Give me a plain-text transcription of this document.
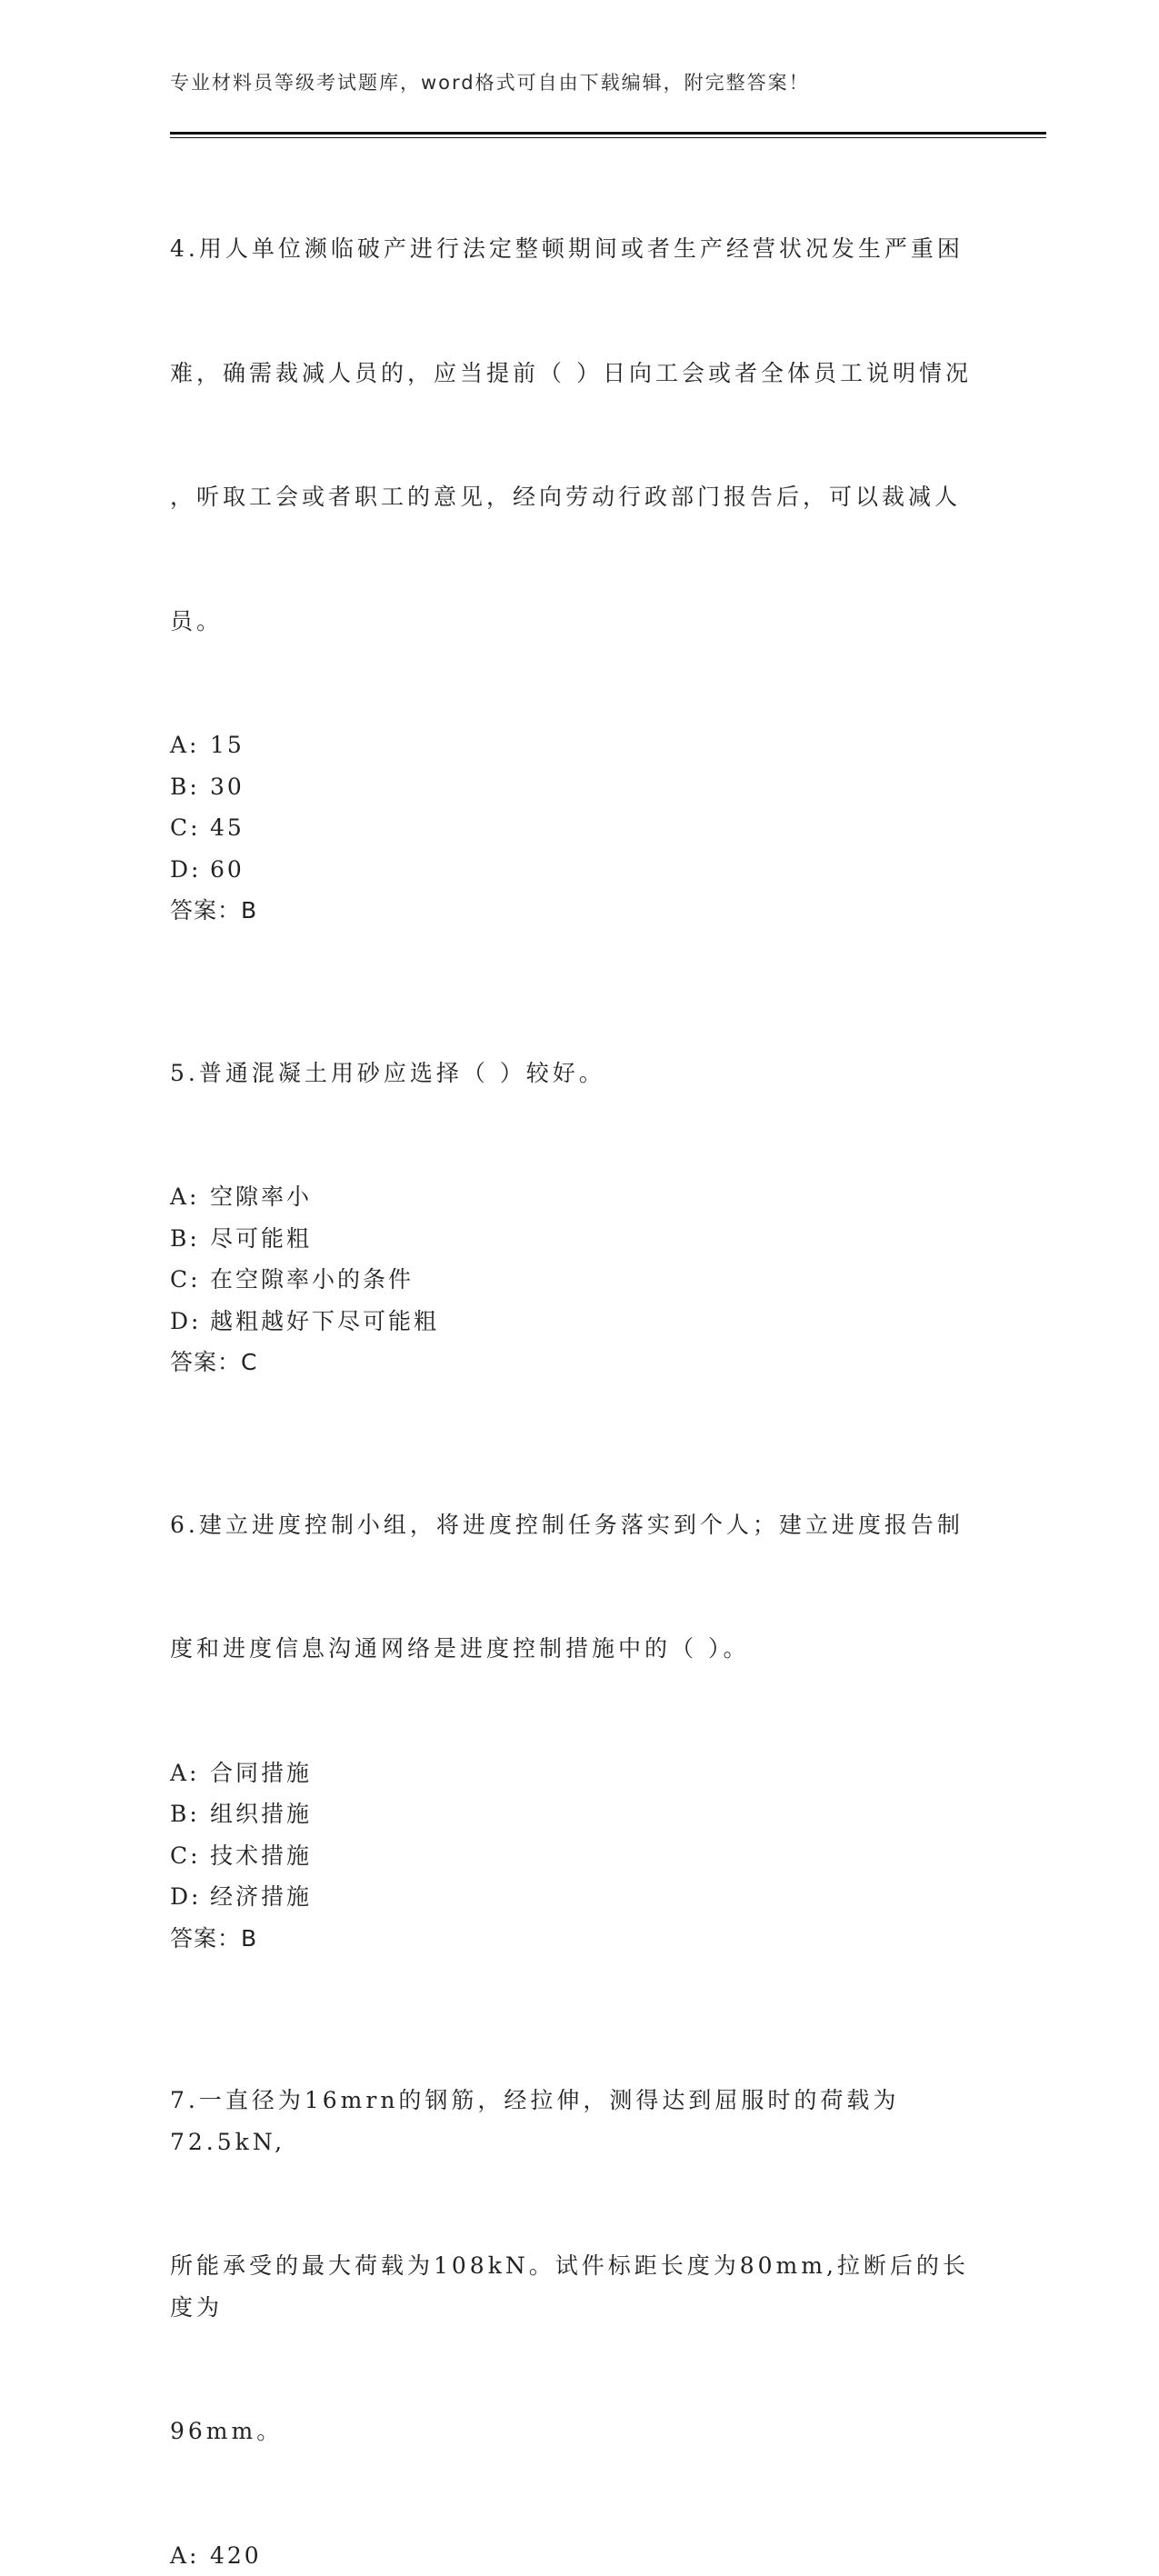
专业材料员等级考试题库，word格式可自由下载编辑，附完整答案！

4.用人单位濒临破产进行法定整顿期间或者生产经营状况发生严重困

难，确需裁减人员的，应当提前（ ）日向工会或者全体员工说明情况

，听取工会或者职工的意见，经向劳动行政部门报告后，可以裁减人

员。

A: 15
B: 30
C: 45
D: 60
答案：B

5.普通混凝土用砂应选择（ ）较好。

A: 空隙率小
B: 尽可能粗
C: 在空隙率小的条件
D: 越粗越好下尽可能粗
答案：C

6.建立进度控制小组，将进度控制任务落实到个人；建立进度报告制

度和进度信息沟通网络是进度控制措施中的（ ）。

A: 合同措施
B: 组织措施
C: 技术措施
D: 经济措施
答案：B

7.一直径为16mrn的钢筋，经拉伸，测得达到屈服时的荷载为72.5kN,

所能承受的最大荷载为108kN。试件标距长度为80mm,拉断后的长度为

96mm。

A: 420
